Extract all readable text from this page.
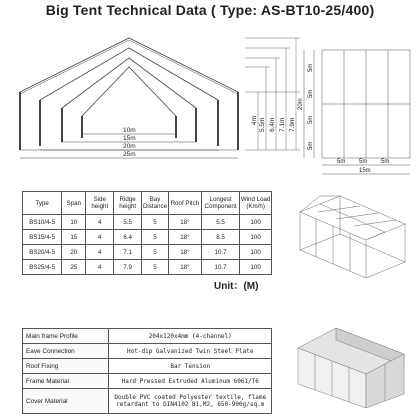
Big Tent Technical Data ( Type: AS-BT10-25/400)
10m
15m
20m
25m
4m 5.5m 6.4m 7.1m 7.9m
5m
5m
5m
5m
20m
5m 5m 5m
15m
Type	Span	Side height	Ridge height	Bay Distance	Roof Pitch	Longest Component	Wind Load (Km/h)
BS10/4-5	10	4	5.5	5	18°	5.5	100
BS15/4-5	15	4	6.4	5	18°	8.5	100
BS20/4-5	20	4	7.1	5	18°	10.7	100
BS25/4-5	25	4	7.9	5	18°	10.7	100
Unit：(M)
Main frame Profile	204x120x4mm (4-channel)
Eave Connection	Hot-dip Galvanized Twin Steel Plate
Roof Fixing	Bar Tension
Frame Material	Hard Pressed Extruded Aluminum 6061/T6
Cover Material	Double PVC coated Polyester textile, flame retardant to DIN4102 B1,M2, 650-900g/sq.m
